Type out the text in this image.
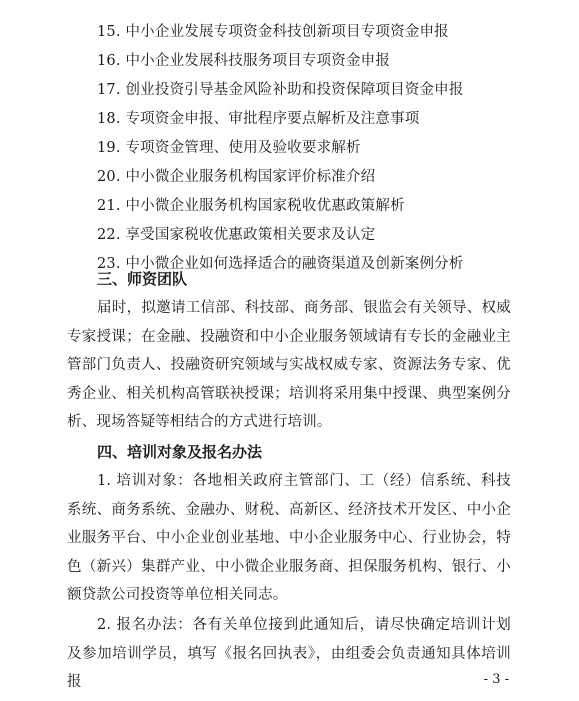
15. 中小企业发展专项资金科技创新项目专项资金申报
16. 中小企业发展科技服务项目专项资金申报
17. 创业投资引导基金风险补助和投资保障项目资金申报
18. 专项资金申报、审批程序要点解析及注意事项
19. 专项资金管理、使用及验收要求解析
20. 中小微企业服务机构国家评价标准介绍
21. 中小微企业服务机构国家税收优惠政策解析
22. 享受国家税收优惠政策相关要求及认定
23. 中小微企业如何选择适合的融资渠道及创新案例分析
三、师资团队
届时，拟邀请工信部、科技部、商务部、银监会有关领导、权威专家授课；在金融、投融资和中小企业服务领域请有专长的金融业主管部门负责人、投融资研究领域与实战权威专家、资源法务专家、优秀企业、相关机构高管联袂授课；培训将采用集中授课、典型案例分析、现场答疑等相结合的方式进行培训。
四、培训对象及报名办法
1. 培训对象：各地相关政府主管部门、工（经）信系统、科技系统、商务系统、金融办、财税、高新区、经济技术开发区、中小企业服务平台、中小企业创业基地、中小企业服务中心、行业协会，特色（新兴）集群产业、中小微企业服务商、担保服务机构、银行、小额贷款公司投资等单位相关同志。
2. 报名办法：各有关单位接到此通知后，请尽快确定培训计划及参加培训学员，填写《报名回执表》，由组委会负责通知具体培训报	- 3 -
